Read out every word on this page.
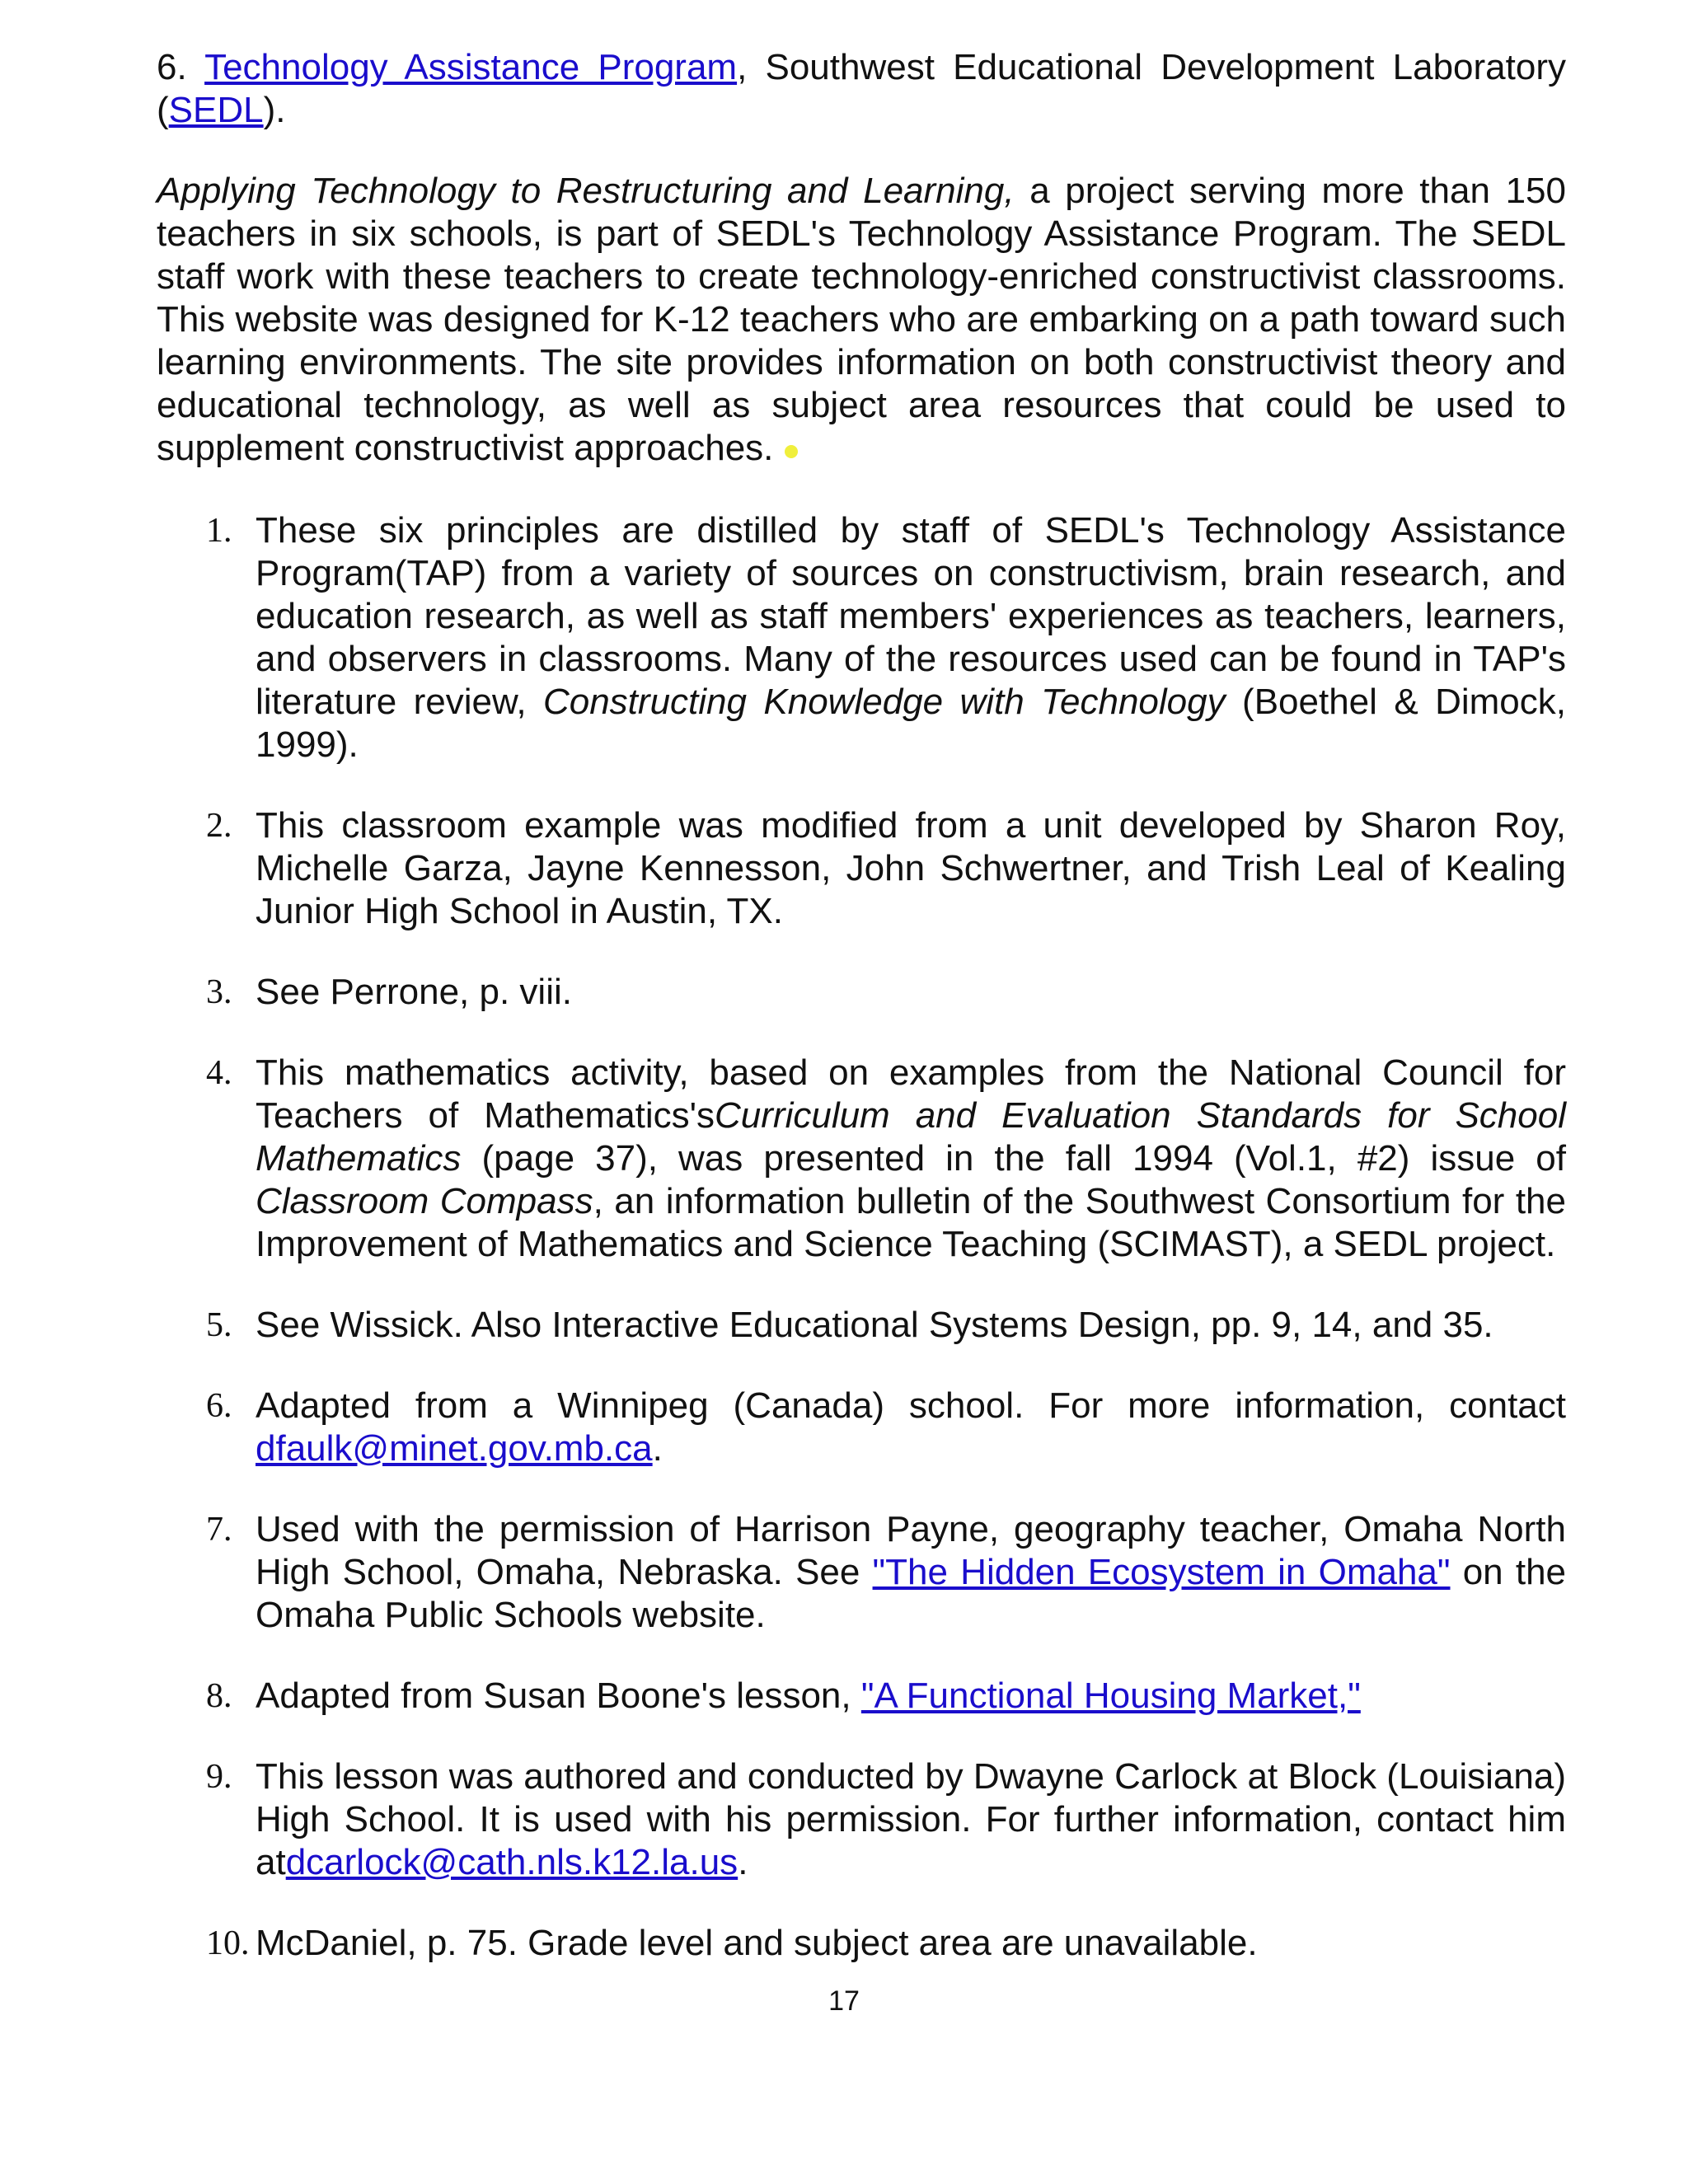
6. Technology Assistance Program, Southwest Educational Development Laboratory (SEDL).

Applying Technology to Restructuring and Learning, a project serving more than 150 teachers in six schools, is part of SEDL's Technology Assistance Program. The SEDL staff work with these teachers to create technology-enriched constructivist classrooms. This website was designed for K-12 teachers who are embarking on a path toward such learning environments. The site provides information on both constructivist theory and educational technology, as well as subject area resources that could be used to supplement constructivist approaches.

1. These six principles are distilled by staff of SEDL's Technology Assistance Program(TAP) from a variety of sources on constructivism, brain research, and education research, as well as staff members' experiences as teachers, learners, and observers in classrooms. Many of the resources used can be found in TAP's literature review, Constructing Knowledge with Technology (Boethel & Dimock, 1999).
2. This classroom example was modified from a unit developed by Sharon Roy, Michelle Garza, Jayne Kennesson, John Schwertner, and Trish Leal of Kealing Junior High School in Austin, TX.
3. See Perrone, p. viii.
4. This mathematics activity, based on examples from the National Council for Teachers of Mathematics'sCurriculum and Evaluation Standards for School Mathematics (page 37), was presented in the fall 1994 (Vol.1, #2) issue of Classroom Compass, an information bulletin of the Southwest Consortium for the Improvement of Mathematics and Science Teaching (SCIMAST), a SEDL project.
5. See Wissick. Also Interactive Educational Systems Design, pp. 9, 14, and 35.
6. Adapted from a Winnipeg (Canada) school. For more information, contact dfaulk@minet.gov.mb.ca.
7. Used with the permission of Harrison Payne, geography teacher, Omaha North High School, Omaha, Nebraska. See "The Hidden Ecosystem in Omaha" on the Omaha Public Schools website.
8. Adapted from Susan Boone's lesson, "A Functional Housing Market,"
9. This lesson was authored and conducted by Dwayne Carlock at Block (Louisiana) High School. It is used with his permission. For further information, contact him atdcarlock@cath.nls.k12.la.us.
10. McDaniel, p. 75. Grade level and subject area are unavailable.
17
